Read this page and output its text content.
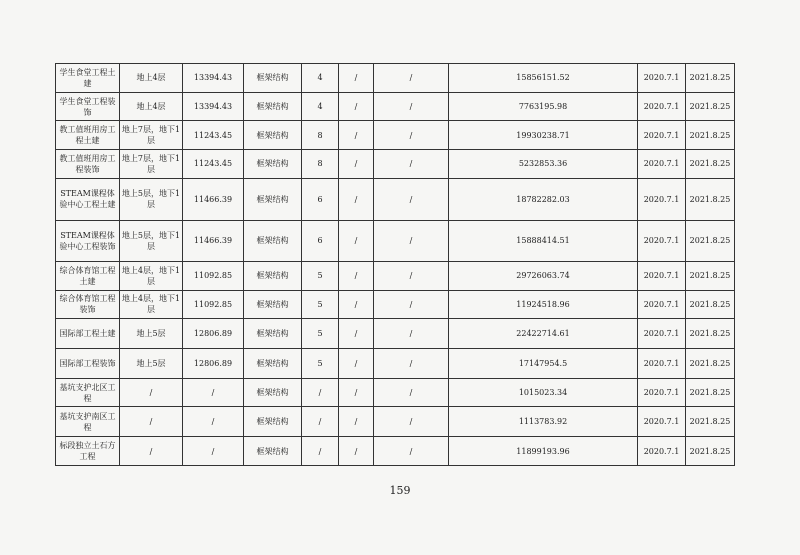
学生食堂工程土建	地上4层	13394.43	框架结构	4	/	/	15856151.52	2020.7.1	2021.8.25
学生食堂工程装饰	地上4层	13394.43	框架结构	4	/	/	7763195.98	2020.7.1	2021.8.25
教工值班用房工程土建	地上7层，地下1层	11243.45	框架结构	8	/	/	19930238.71	2020.7.1	2021.8.25
教工值班用房工程装饰	地上7层，地下1层	11243.45	框架结构	8	/	/	5232853.36	2020.7.1	2021.8.25
STEAM课程体验中心工程土建	地上5层，地下1层	11466.39	框架结构	6	/	/	18782282.03	2020.7.1	2021.8.25
STEAM课程体验中心工程装饰	地上5层，地下1层	11466.39	框架结构	6	/	/	15888414.51	2020.7.1	2021.8.25
综合体育馆工程土建	地上4层，地下1层	11092.85	框架结构	5	/	/	29726063.74	2020.7.1	2021.8.25
综合体育馆工程装饰	地上4层，地下1层	11092.85	框架结构	5	/	/	11924518.96	2020.7.1	2021.8.25
国际部工程土建	地上5层	12806.89	框架结构	5	/	/	22422714.61	2020.7.1	2021.8.25
国际部工程装饰	地上5层	12806.89	框架结构	5	/	/	17147954.5	2020.7.1	2021.8.25
基坑支护北区工程	/	/	框架结构	/	/	/	1015023.34	2020.7.1	2021.8.25
基坑支护南区工程	/	/	框架结构	/	/	/	1113783.92	2020.7.1	2021.8.25
标段独立土石方工程	/	/	框架结构	/	/	/	11899193.96	2020.7.1	2021.8.25
159
